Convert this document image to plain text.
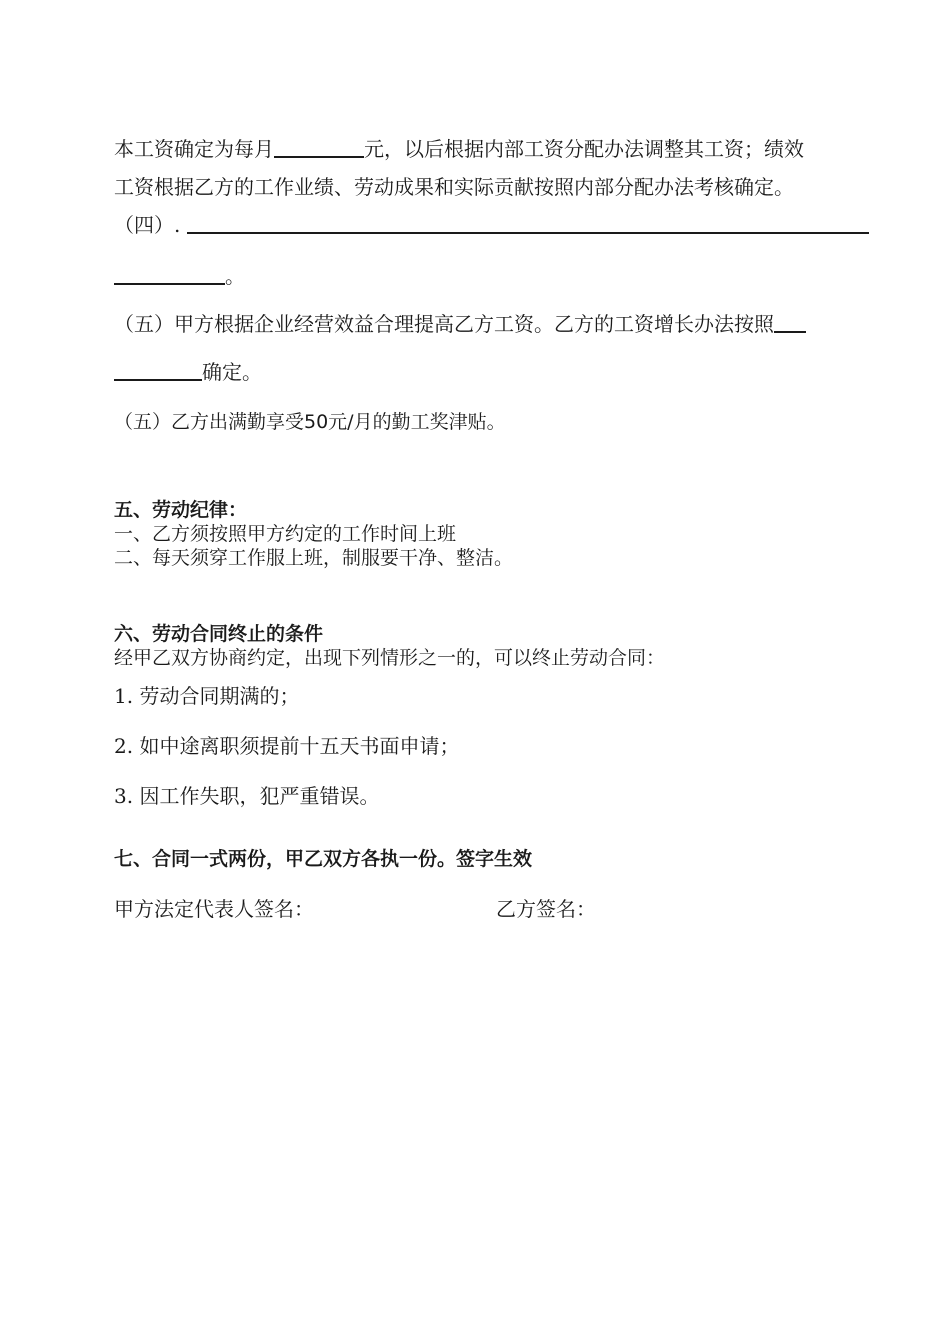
本工资确定为每月	元，以后根据内部工资分配办法调整其工资；绩效
工资根据乙方的工作业绩、劳动成果和实际贡献按照内部分配办法考核确定。
（四）.
。
（五）甲方根据企业经营效益合理提高乙方工资。乙方的工资增长办法按照
确定。
（五）乙方出满勤享受50元/月的勤工奖津贴。
五、劳动纪律：
一、乙方须按照甲方约定的工作时间上班
二、每天须穿工作服上班，制服要干净、整洁。
六、劳动合同终止的条件
经甲乙双方协商约定，出现下列情形之一的，可以终止劳动合同：
1. 劳动合同期满的；
2. 如中途离职须提前十五天书面申请；
3. 因工作失职，犯严重错误。
七、合同一式两份，甲乙双方各执一份。签字生效
甲方法定代表人签名：	乙方签名：
